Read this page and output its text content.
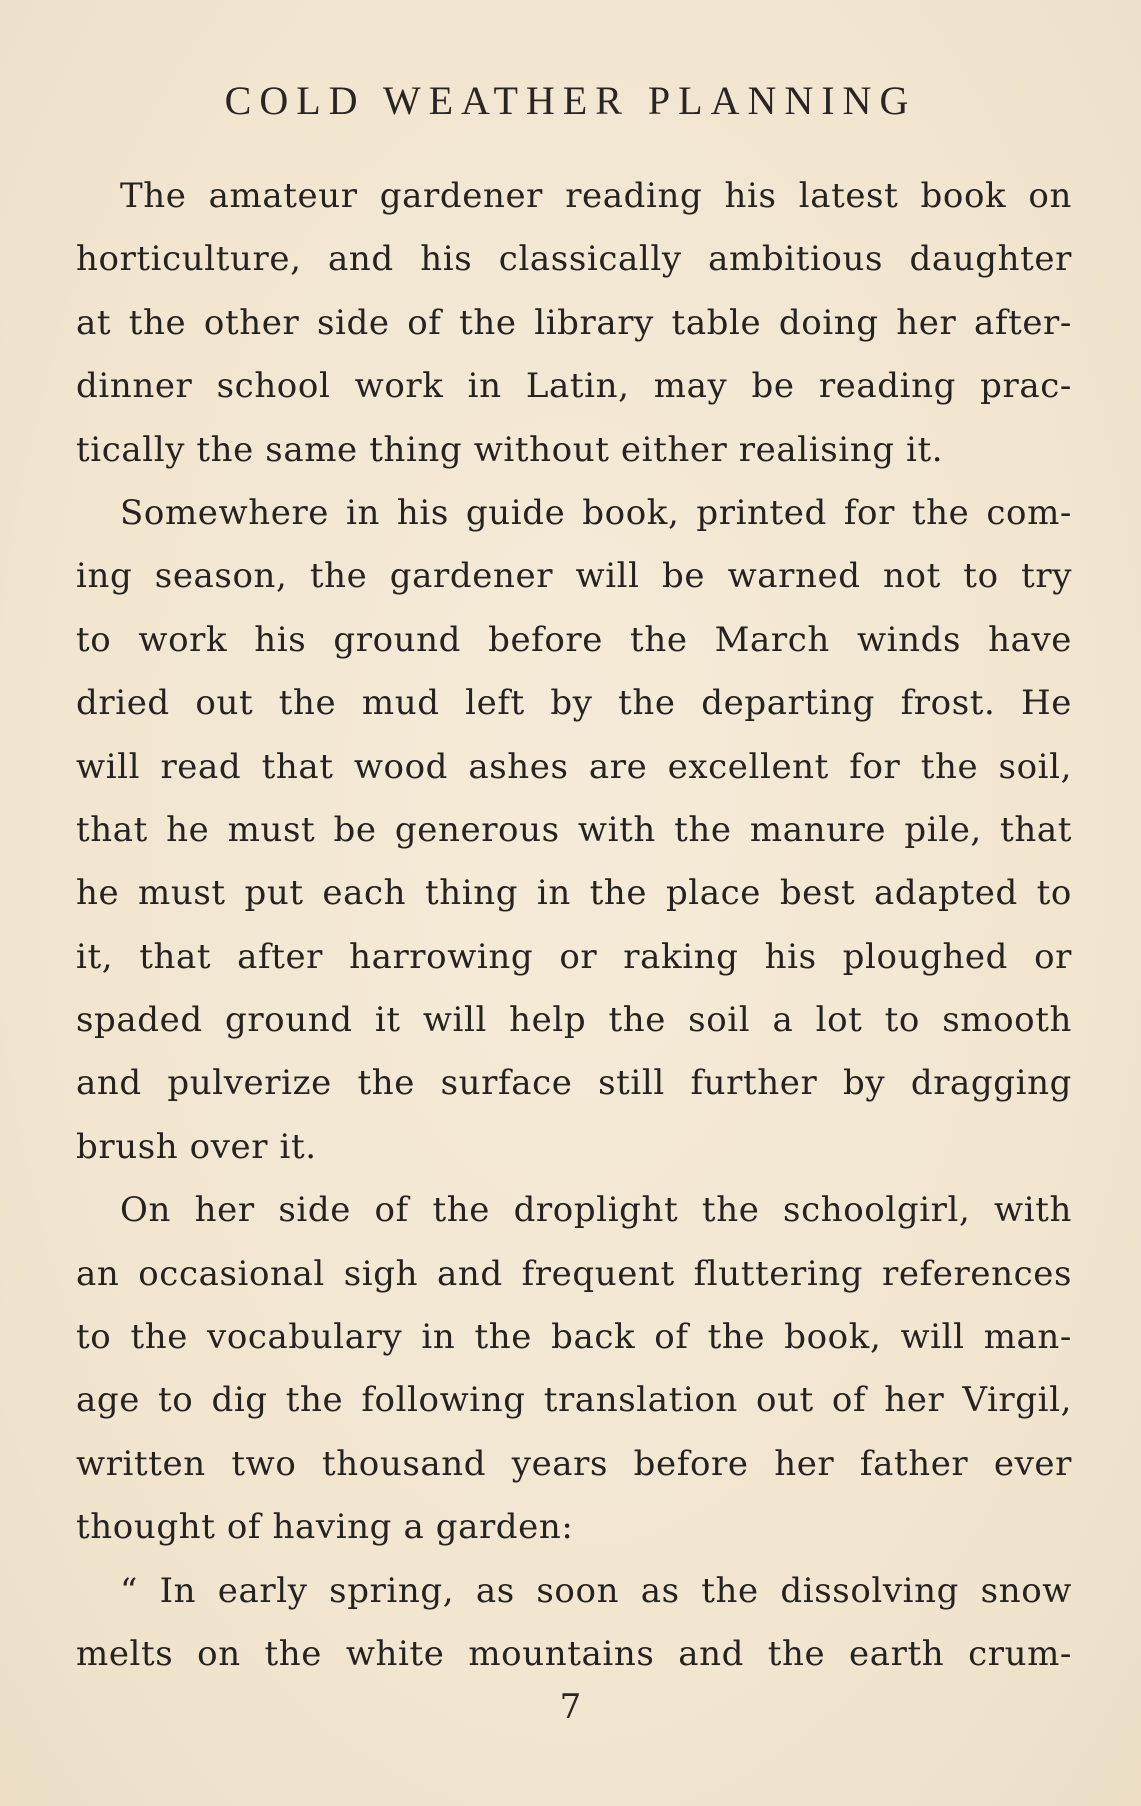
COLD WEATHER PLANNING
The amateur gardener reading his latest book on
horticulture, and his classically ambitious daughter
at the other side of the library table doing her after-
dinner school work in Latin, may be reading prac-
tically the same thing without either realising it.
Somewhere in his guide book, printed for the com-
ing season, the gardener will be warned not to try
to work his ground before the March winds have
dried out the mud left by the departing frost. He
will read that wood ashes are excellent for the soil,
that he must be generous with the manure pile, that
he must put each thing in the place best adapted to
it, that after harrowing or raking his ploughed or
spaded ground it will help the soil a lot to smooth
and pulverize the surface still further by dragging
brush over it.
On her side of the droplight the schoolgirl, with
an occasional sigh and frequent fluttering references
to the vocabulary in the back of the book, will man-
age to dig the following translation out of her Virgil,
written two thousand years before her father ever
thought of having a garden:
“ In early spring, as soon as the dissolving snow
melts on the white mountains and the earth crum-
7
